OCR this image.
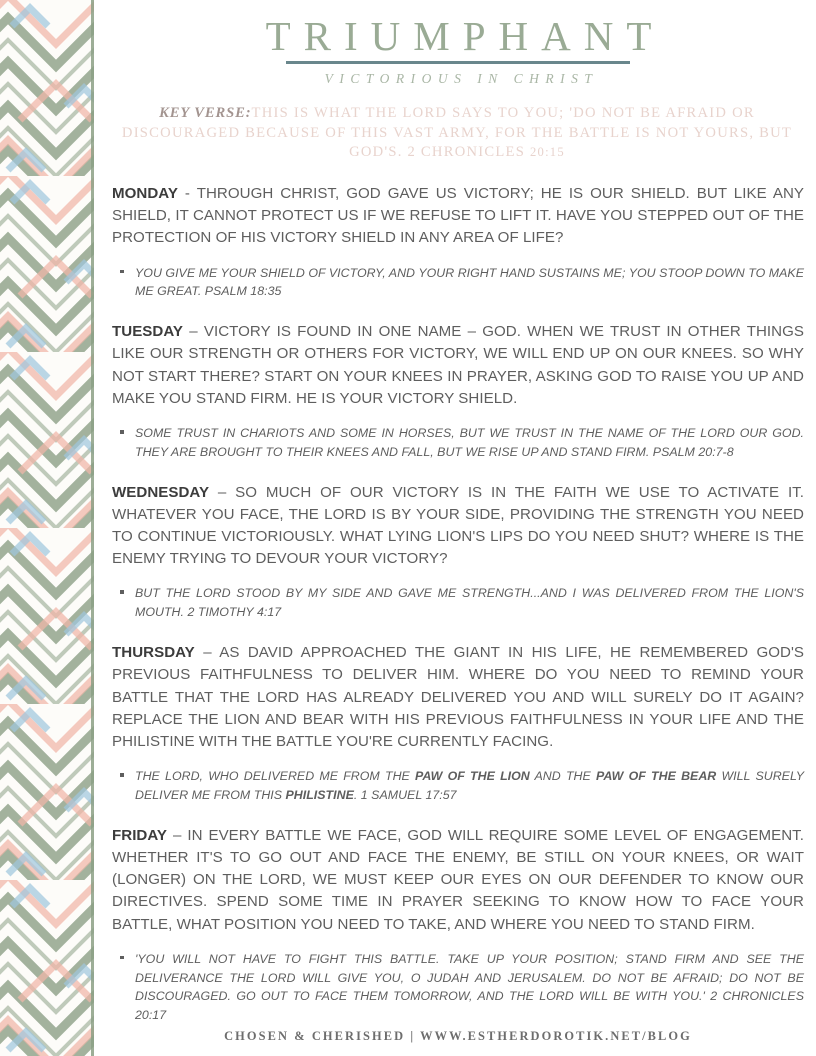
TRIUMPHANT
VICTORIOUS IN CHRIST
KEY VERSE:THIS IS WHAT THE LORD SAYS TO YOU; 'DO NOT BE AFRAID OR DISCOURAGED BECAUSE OF THIS VAST ARMY, FOR THE BATTLE IS NOT YOURS, BUT GOD'S. 2 CHRONICLES 20:15

MONDAY - THROUGH CHRIST, GOD GAVE US VICTORY; HE IS OUR SHIELD. BUT LIKE ANY SHIELD, IT CANNOT PROTECT US IF WE REFUSE TO LIFT IT. HAVE YOU STEPPED OUT OF THE PROTECTION OF HIS VICTORY SHIELD IN ANY AREA OF LIFE?

YOU GIVE ME YOUR SHIELD OF VICTORY, AND YOUR RIGHT HAND SUSTAINS ME; YOU STOOP DOWN TO MAKE ME GREAT. PSALM 18:35

TUESDAY – VICTORY IS FOUND IN ONE NAME – GOD. WHEN WE TRUST IN OTHER THINGS LIKE OUR STRENGTH OR OTHERS FOR VICTORY, WE WILL END UP ON OUR KNEES. SO WHY NOT START THERE? START ON YOUR KNEES IN PRAYER, ASKING GOD TO RAISE YOU UP AND MAKE YOU STAND FIRM. HE IS YOUR VICTORY SHIELD.

SOME TRUST IN CHARIOTS AND SOME IN HORSES, BUT WE TRUST IN THE NAME OF THE LORD OUR GOD. THEY ARE BROUGHT TO THEIR KNEES AND FALL, BUT WE RISE UP AND STAND FIRM. PSALM 20:7-8

WEDNESDAY – SO MUCH OF OUR VICTORY IS IN THE FAITH WE USE TO ACTIVATE IT. WHATEVER YOU FACE, THE LORD IS BY YOUR SIDE, PROVIDING THE STRENGTH YOU NEED TO CONTINUE VICTORIOUSLY. WHAT LYING LION'S LIPS DO YOU NEED SHUT? WHERE IS THE ENEMY TRYING TO DEVOUR YOUR VICTORY?

BUT THE LORD STOOD BY MY SIDE AND GAVE ME STRENGTH...AND I WAS DELIVERED FROM THE LION'S MOUTH. 2 TIMOTHY 4:17

THURSDAY – AS DAVID APPROACHED THE GIANT IN HIS LIFE, HE REMEMBERED GOD'S PREVIOUS FAITHFULNESS TO DELIVER HIM. WHERE DO YOU NEED TO REMIND YOUR BATTLE THAT THE LORD HAS ALREADY DELIVERED YOU AND WILL SURELY DO IT AGAIN? REPLACE THE LION AND BEAR WITH HIS PREVIOUS FAITHFULNESS IN YOUR LIFE AND THE PHILISTINE WITH THE BATTLE YOU'RE CURRENTLY FACING.

THE LORD, WHO DELIVERED ME FROM THE PAW OF THE LION AND THE PAW OF THE BEAR WILL SURELY DELIVER ME FROM THIS PHILISTINE. 1 SAMUEL 17:57

FRIDAY – IN EVERY BATTLE WE FACE, GOD WILL REQUIRE SOME LEVEL OF ENGAGEMENT. WHETHER IT'S TO GO OUT AND FACE THE ENEMY, BE STILL ON YOUR KNEES, OR WAIT (LONGER) ON THE LORD, WE MUST KEEP OUR EYES ON OUR DEFENDER TO KNOW OUR DIRECTIVES. SPEND SOME TIME IN PRAYER SEEKING TO KNOW HOW TO FACE YOUR BATTLE, WHAT POSITION YOU NEED TO TAKE, AND WHERE YOU NEED TO STAND FIRM.

'YOU WILL NOT HAVE TO FIGHT THIS BATTLE. TAKE UP YOUR POSITION; STAND FIRM AND SEE THE DELIVERANCE THE LORD WILL GIVE YOU, O JUDAH AND JERUSALEM. DO NOT BE AFRAID; DO NOT BE DISCOURAGED. GO OUT TO FACE THEM TOMORROW, AND THE LORD WILL BE WITH YOU.' 2 CHRONICLES 20:17
CHOSEN & CHERISHED | WWW.ESTHERDOROTIK.NET/BLOG
